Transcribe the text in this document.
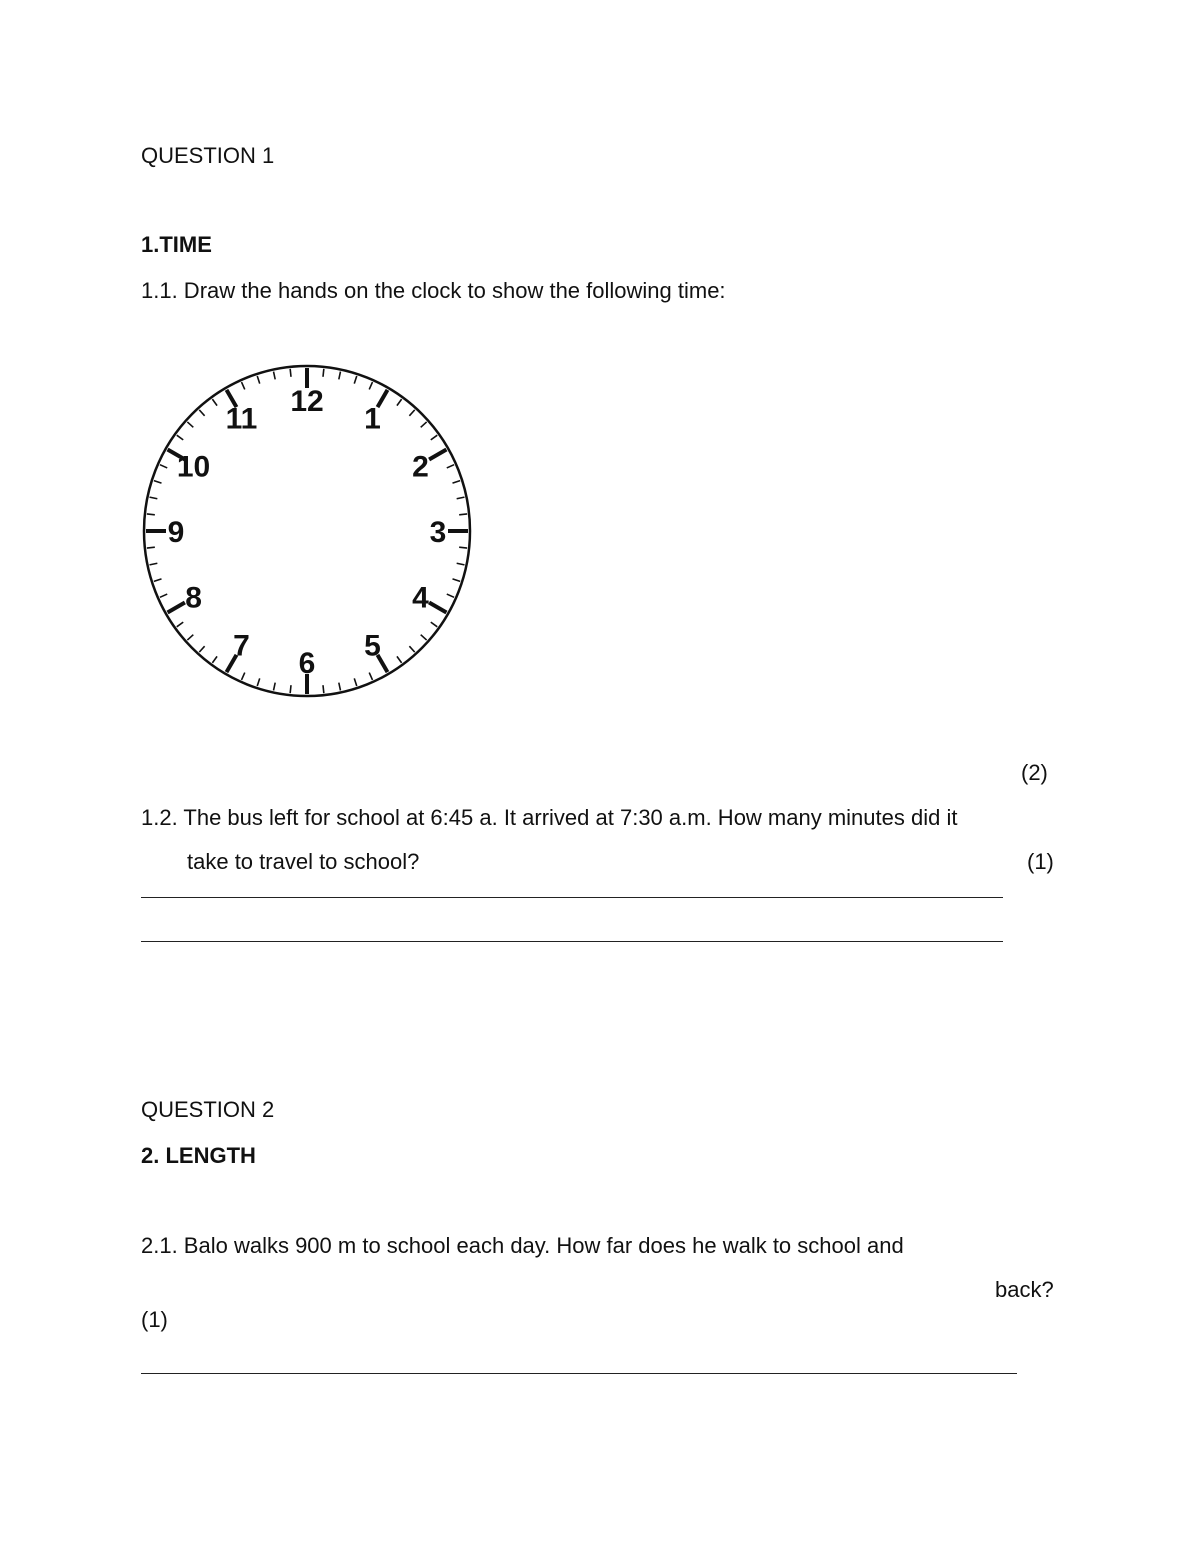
QUESTION 1
1.TIME
1.1. Draw the hands on the clock to show the following time:
12
1
2
3
4
5
6
7
8
9
10
11
(2)
1.2. The bus left for school at 6:45 a. It arrived at 7:30 a.m. How many minutes did it
take to travel to school?	(1)
QUESTION 2
2. LENGTH
2.1. Balo walks 900 m to school each day. How far does he walk to school and
back?
(1)
